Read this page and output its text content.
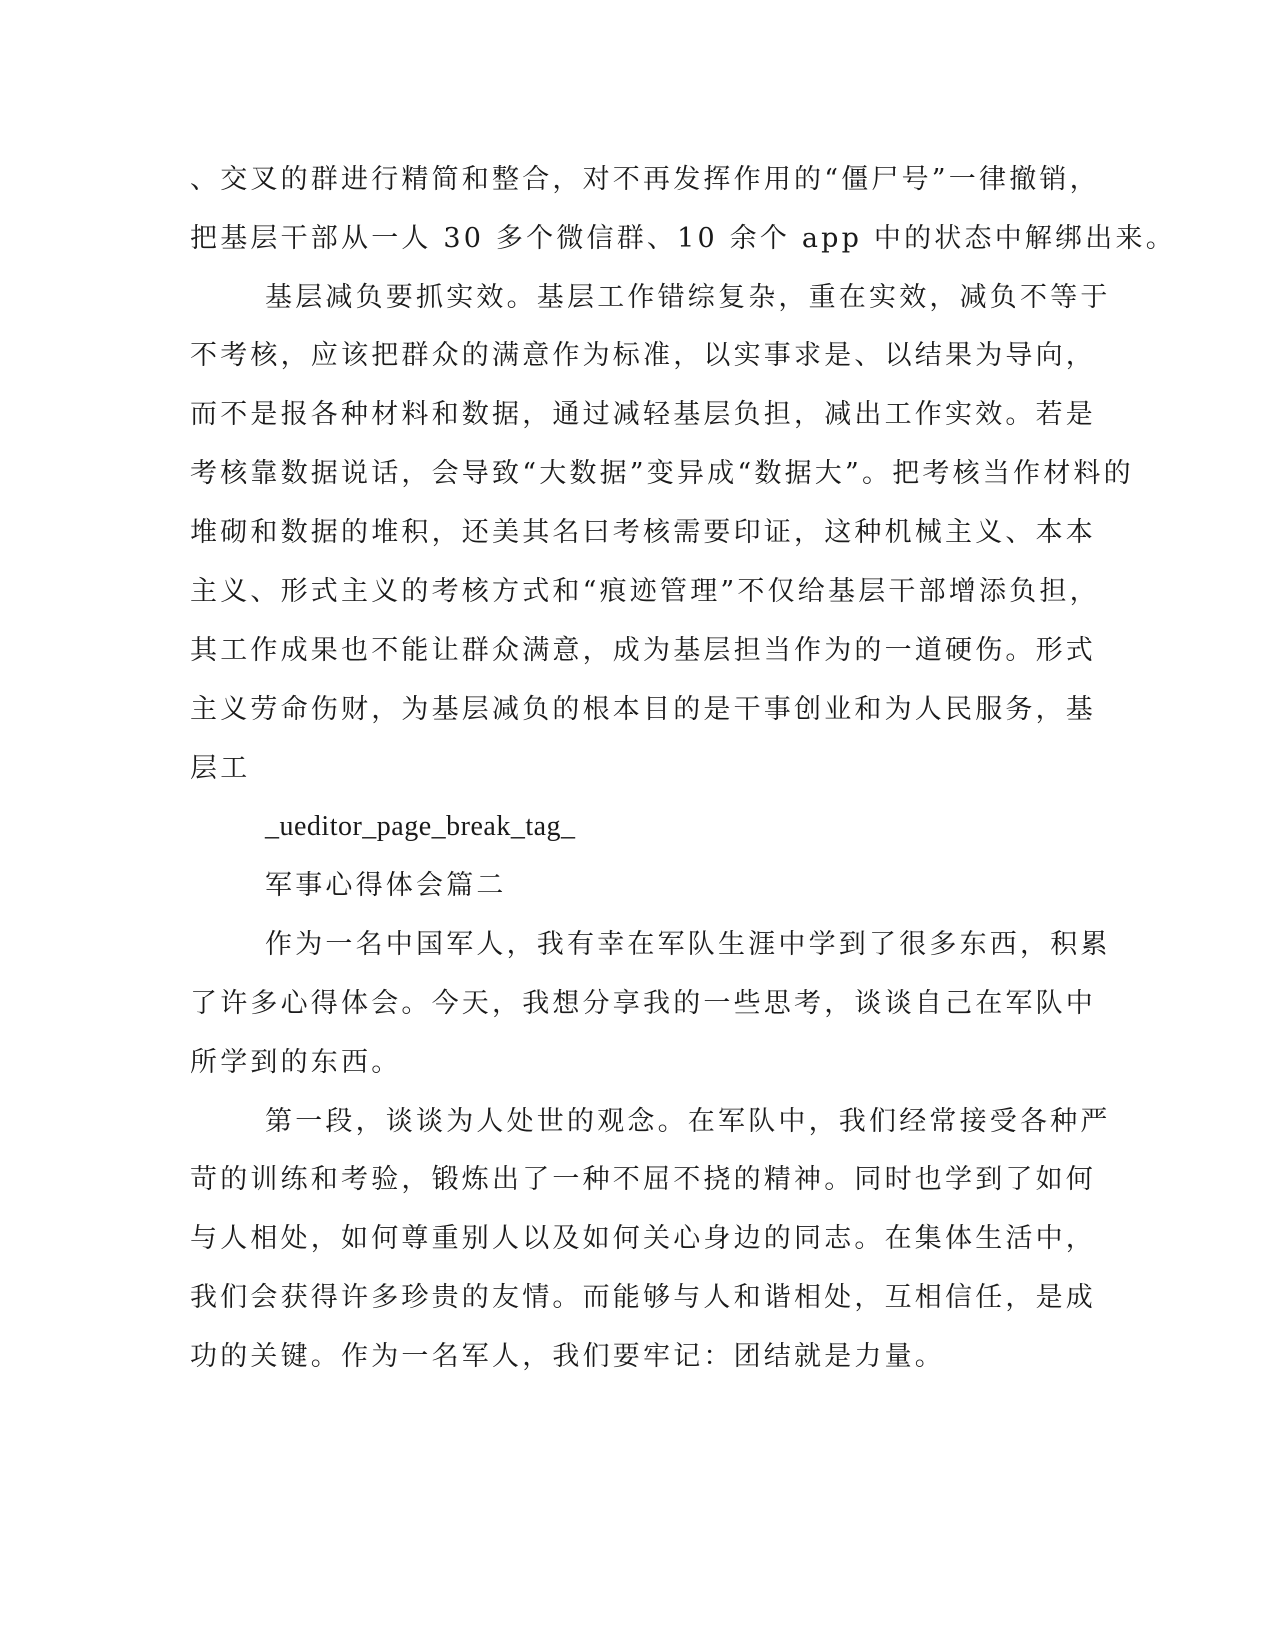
、交叉的群进行精简和整合，对不再发挥作用的“僵尸号”一律撤销，
把基层干部从一人 30 多个微信群、10 余个 app 中的状态中解绑出来。
基层减负要抓实效。基层工作错综复杂，重在实效，减负不等于
不考核，应该把群众的满意作为标准，以实事求是、以结果为导向，
而不是报各种材料和数据，通过减轻基层负担，减出工作实效。若是
考核靠数据说话，会导致“大数据”变异成“数据大”。把考核当作材料的
堆砌和数据的堆积，还美其名曰考核需要印证，这种机械主义、本本
主义、形式主义的考核方式和“痕迹管理”不仅给基层干部增添负担，
其工作成果也不能让群众满意，成为基层担当作为的一道硬伤。形式
主义劳命伤财，为基层减负的根本目的是干事创业和为人民服务，基
层工
_ueditor_page_break_tag_
军事心得体会篇二
作为一名中国军人，我有幸在军队生涯中学到了很多东西，积累
了许多心得体会。今天，我想分享我的一些思考，谈谈自己在军队中
所学到的东西。
第一段，谈谈为人处世的观念。在军队中，我们经常接受各种严
苛的训练和考验，锻炼出了一种不屈不挠的精神。同时也学到了如何
与人相处，如何尊重别人以及如何关心身边的同志。在集体生活中，
我们会获得许多珍贵的友情。而能够与人和谐相处，互相信任，是成
功的关键。作为一名军人，我们要牢记：团结就是力量。
